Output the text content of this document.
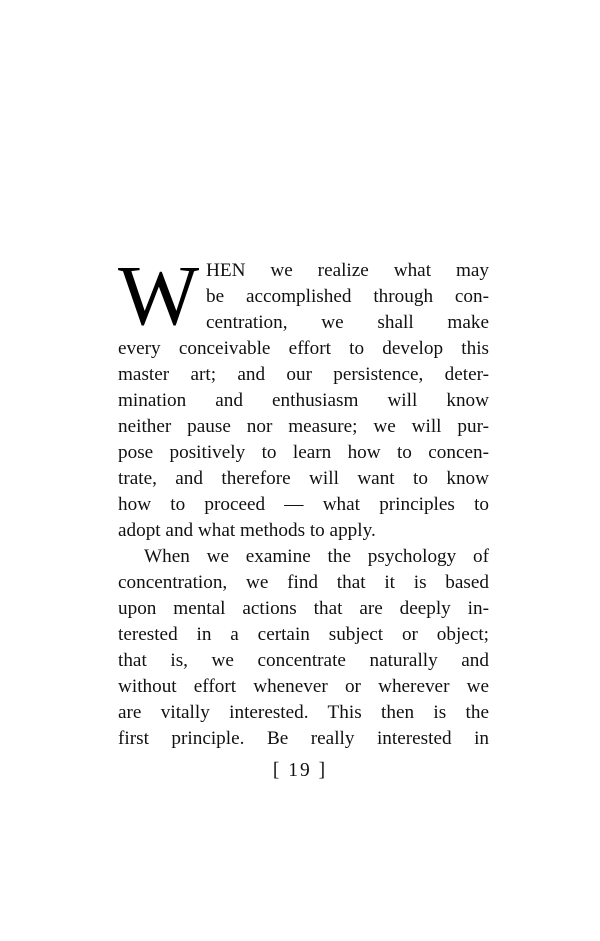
W HEN we realize what may
be accomplished through con-
centration, we shall make
every conceivable effort to develop this
master art; and our persistence, deter-
mination and enthusiasm will know
neither pause nor measure; we will pur-
pose positively to learn how to concen-
trate, and therefore will want to know
how to proceed — what principles to
adopt and what methods to apply.
When we examine the psychology of
concentration, we find that it is based
upon mental actions that are deeply in-
terested in a certain subject or object;
that is, we concentrate naturally and
without effort whenever or wherever we
are vitally interested. This then is the
first principle. Be really interested in
[ 19 ]
